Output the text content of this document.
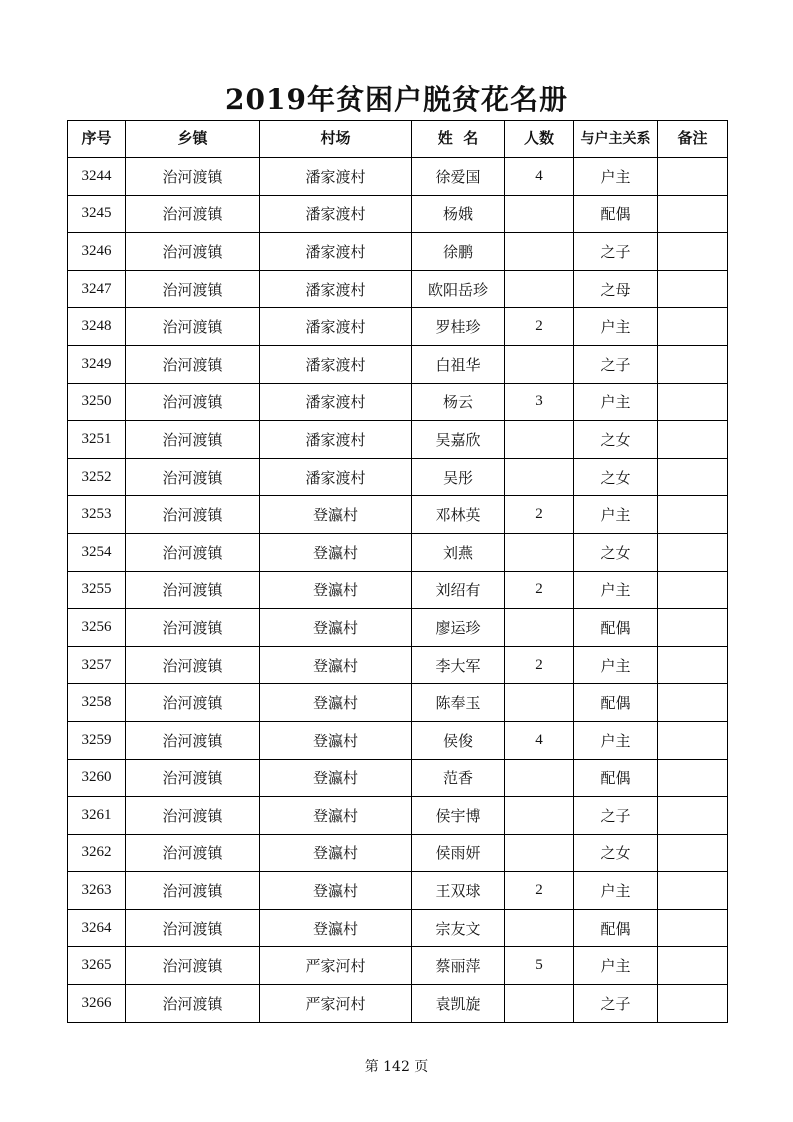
2019年贫困户脱贫花名册
序号	乡镇	村场	姓  名	人数	与户主关系	备注
3244	治河渡镇	潘家渡村	徐爱国	4	户主	
3245	治河渡镇	潘家渡村	杨娥		配偶	
3246	治河渡镇	潘家渡村	徐鹏		之子	
3247	治河渡镇	潘家渡村	欧阳岳珍		之母	
3248	治河渡镇	潘家渡村	罗桂珍	2	户主	
3249	治河渡镇	潘家渡村	白祖华		之子	
3250	治河渡镇	潘家渡村	杨云	3	户主	
3251	治河渡镇	潘家渡村	吴嘉欣		之女	
3252	治河渡镇	潘家渡村	吴彤		之女	
3253	治河渡镇	登瀛村	邓林英	2	户主	
3254	治河渡镇	登瀛村	刘燕		之女	
3255	治河渡镇	登瀛村	刘绍有	2	户主	
3256	治河渡镇	登瀛村	廖运珍		配偶	
3257	治河渡镇	登瀛村	李大军	2	户主	
3258	治河渡镇	登瀛村	陈奉玉		配偶	
3259	治河渡镇	登瀛村	侯俊	4	户主	
3260	治河渡镇	登瀛村	范香		配偶	
3261	治河渡镇	登瀛村	侯宇博		之子	
3262	治河渡镇	登瀛村	侯雨妍		之女	
3263	治河渡镇	登瀛村	王双球	2	户主	
3264	治河渡镇	登瀛村	宗友文		配偶	
3265	治河渡镇	严家河村	蔡丽萍	5	户主	
3266	治河渡镇	严家河村	袁凯旋		之子	
第 142 页
